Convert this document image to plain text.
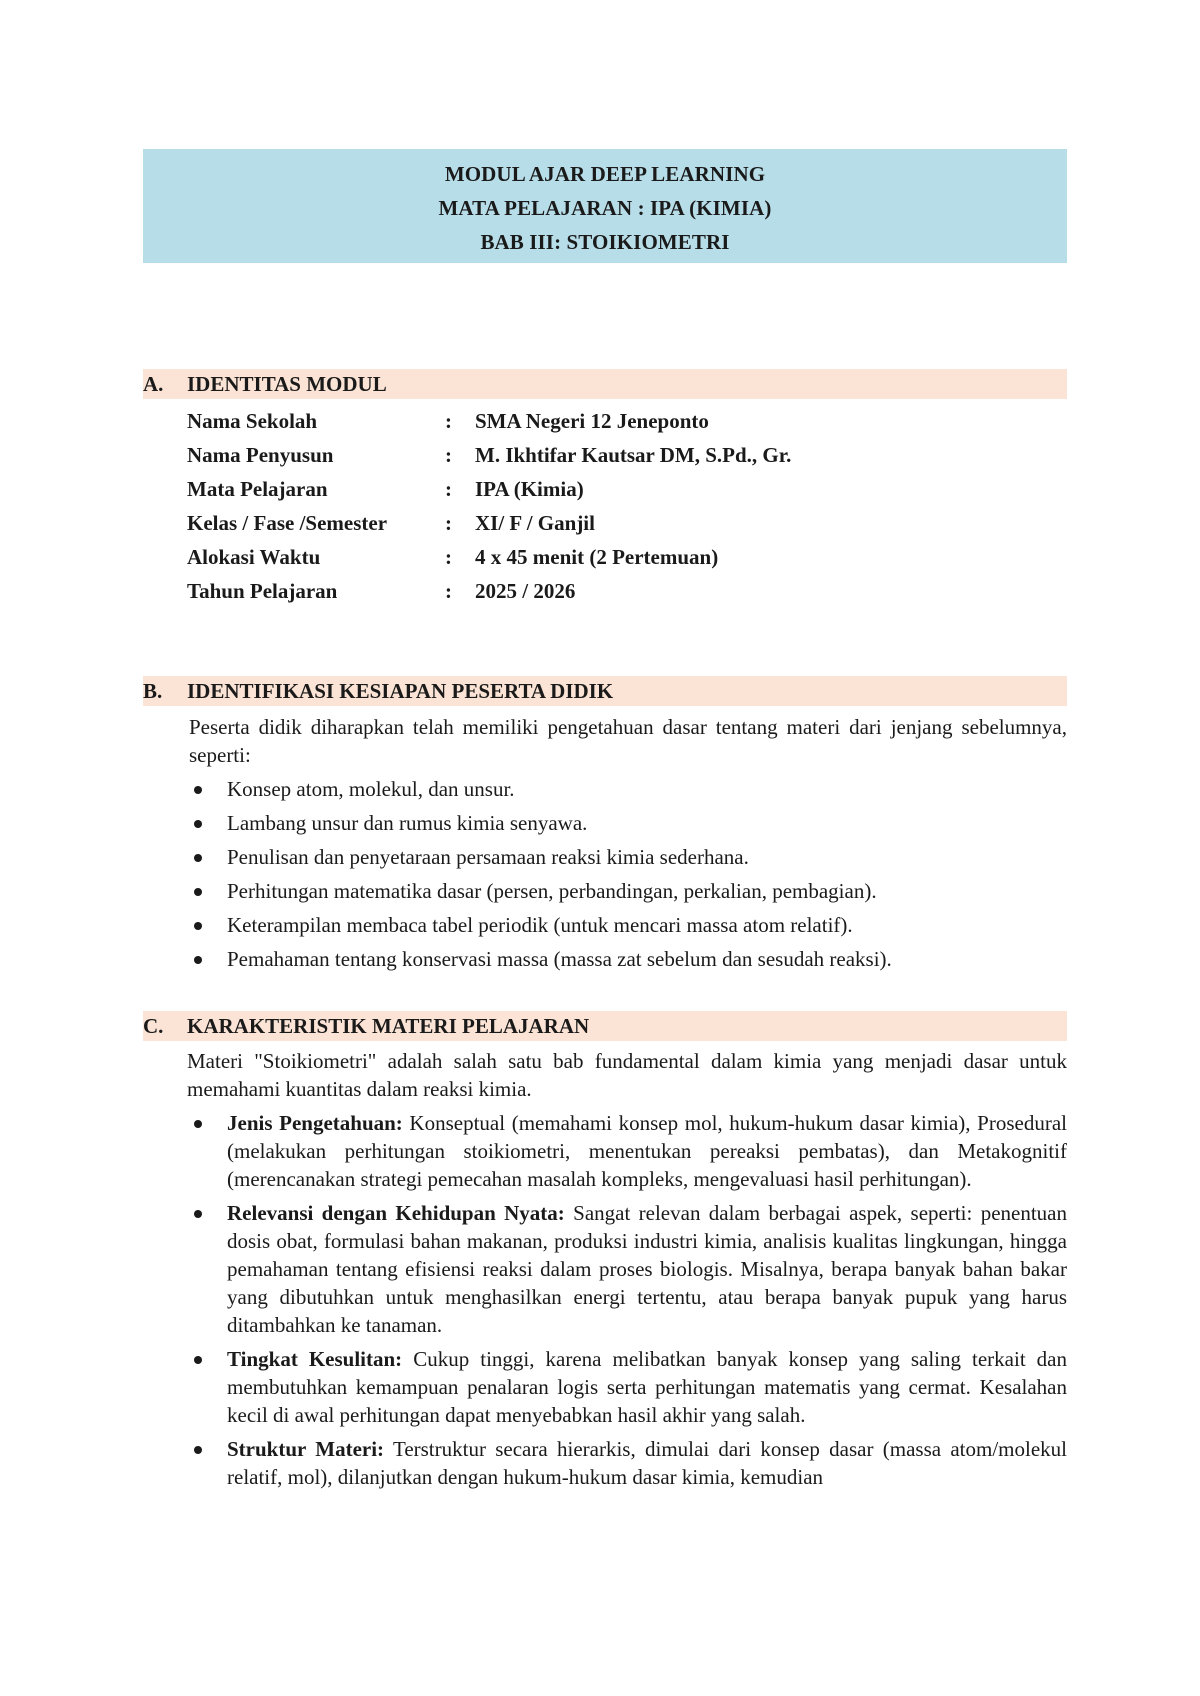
MODUL AJAR DEEP LEARNING
MATA PELAJARAN : IPA (KIMIA)
BAB III: STOIKIOMETRI
A. IDENTITAS MODUL
Nama Sekolah	: SMA Negeri 12 Jeneponto
Nama Penyusun	: M. Ikhtifar Kautsar DM, S.Pd., Gr.
Mata Pelajaran	: IPA (Kimia)
Kelas / Fase /Semester	: XI/ F / Ganjil
Alokasi Waktu	: 4 x 45 menit (2 Pertemuan)
Tahun Pelajaran	: 2025 / 2026
B. IDENTIFIKASI KESIAPAN PESERTA DIDIK
Peserta didik diharapkan telah memiliki pengetahuan dasar tentang materi dari jenjang sebelumnya, seperti:
Konsep atom, molekul, dan unsur.
Lambang unsur dan rumus kimia senyawa.
Penulisan dan penyetaraan persamaan reaksi kimia sederhana.
Perhitungan matematika dasar (persen, perbandingan, perkalian, pembagian).
Keterampilan membaca tabel periodik (untuk mencari massa atom relatif).
Pemahaman tentang konservasi massa (massa zat sebelum dan sesudah reaksi).
C. KARAKTERISTIK MATERI PELAJARAN
Materi "Stoikiometri" adalah salah satu bab fundamental dalam kimia yang menjadi dasar untuk memahami kuantitas dalam reaksi kimia.
Jenis Pengetahuan: Konseptual (memahami konsep mol, hukum-hukum dasar kimia), Prosedural (melakukan perhitungan stoikiometri, menentukan pereaksi pembatas), dan Metakognitif (merencanakan strategi pemecahan masalah kompleks, mengevaluasi hasil perhitungan).
Relevansi dengan Kehidupan Nyata: Sangat relevan dalam berbagai aspek, seperti: penentuan dosis obat, formulasi bahan makanan, produksi industri kimia, analisis kualitas lingkungan, hingga pemahaman tentang efisiensi reaksi dalam proses biologis. Misalnya, berapa banyak bahan bakar yang dibutuhkan untuk menghasilkan energi tertentu, atau berapa banyak pupuk yang harus ditambahkan ke tanaman.
Tingkat Kesulitan: Cukup tinggi, karena melibatkan banyak konsep yang saling terkait dan membutuhkan kemampuan penalaran logis serta perhitungan matematis yang cermat. Kesalahan kecil di awal perhitungan dapat menyebabkan hasil akhir yang salah.
Struktur Materi: Terstruktur secara hierarkis, dimulai dari konsep dasar (massa atom/molekul relatif, mol), dilanjutkan dengan hukum-hukum dasar kimia, kemudian
